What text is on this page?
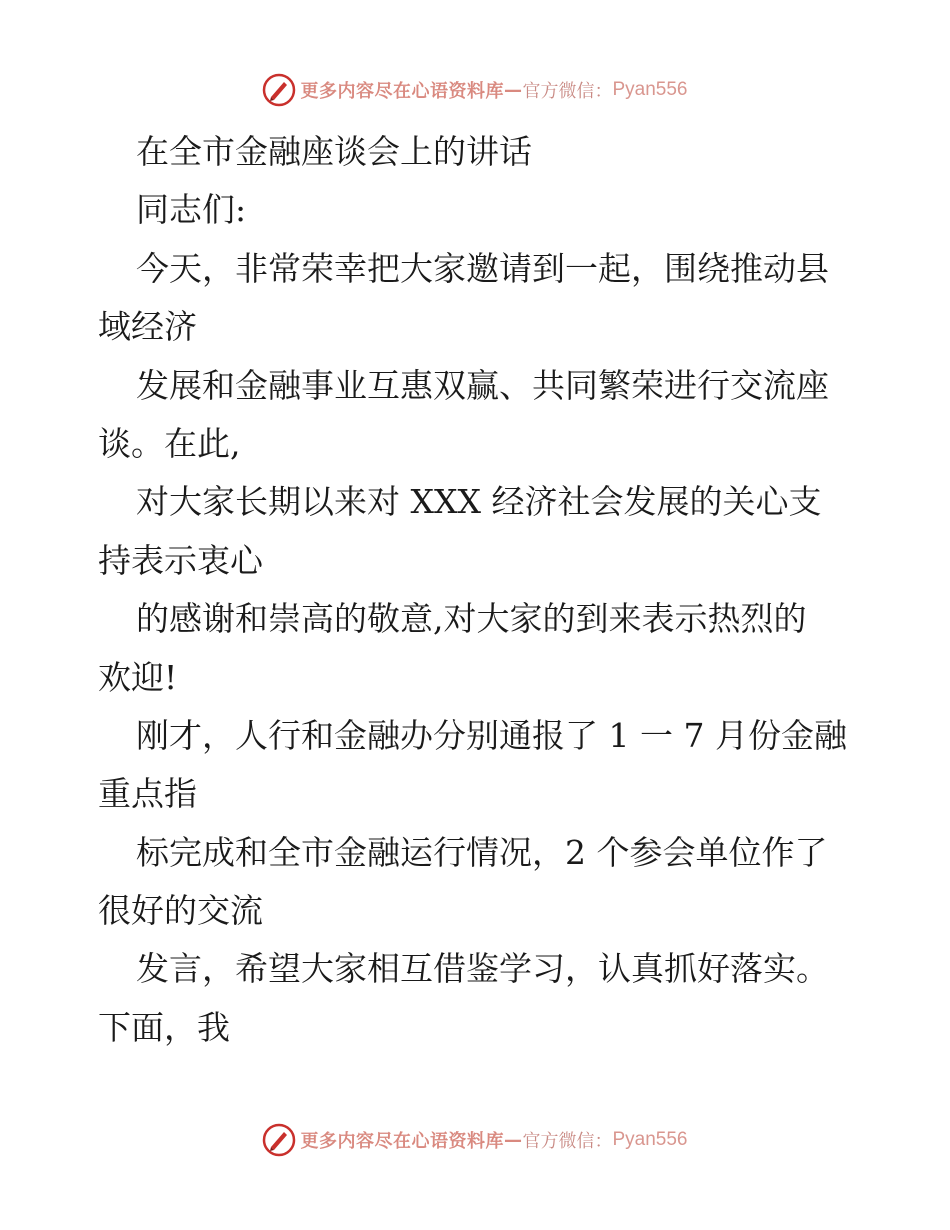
更多内容尽在心语资料库 — 官方微信： Pyan556
在全市金融座谈会上的讲话
同志们:
今天，非常荣幸把大家邀请到一起，围绕推动县
域经济
发展和金融事业互惠双赢、共同繁荣进行交流座
谈。在此,
对大家长期以来对 XXX 经济社会发展的关心支
持表示衷心
的感谢和崇高的敬意,对大家的到来表示热烈的
欢迎!
刚才，人行和金融办分别通报了 1 一 7 月份金融
重点指
标完成和全市金融运行情况，2 个参会单位作了
很好的交流
发言，希望大家相互借鉴学习，认真抓好落实。
下面，我
更多内容尽在心语资料库 — 官方微信： Pyan556
